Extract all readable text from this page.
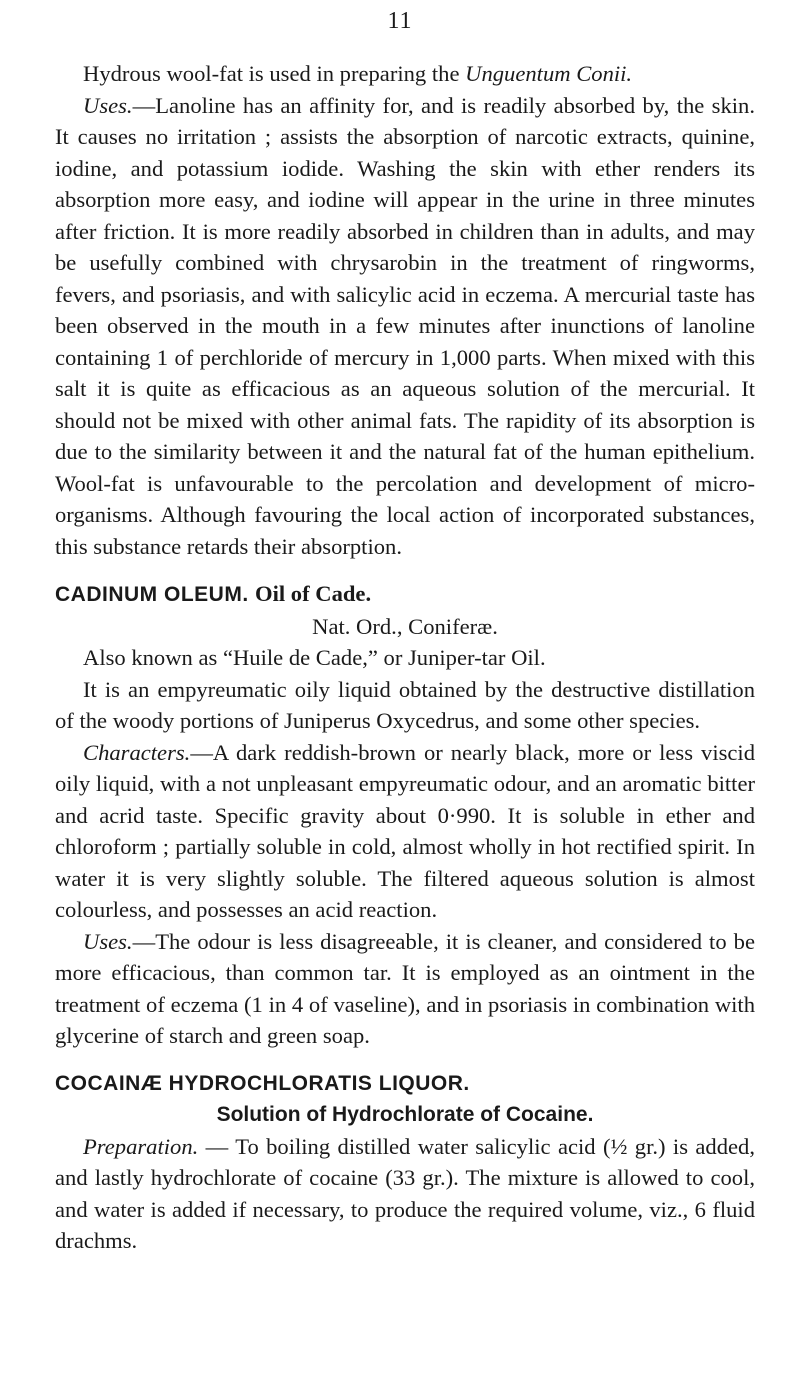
11

Hydrous wool-fat is used in preparing the Unguentum Conii.

Uses.—Lanoline has an affinity for, and is readily absorbed by, the skin. It causes no irritation ; assists the absorption of narcotic extracts, quinine, iodine, and potassium iodide. Washing the skin with ether renders its absorption more easy, and iodine will appear in the urine in three minutes after friction. It is more readily absorbed in children than in adults, and may be usefully combined with chrysarobin in the treatment of ringworms, fevers, and psoriasis, and with salicylic acid in eczema. A mercurial taste has been observed in the mouth in a few minutes after inunctions of lanoline containing 1 of perchloride of mercury in 1,000 parts. When mixed with this salt it is quite as efficacious as an aqueous solution of the mercurial. It should not be mixed with other animal fats. The rapidity of its absorption is due to the similarity between it and the natural fat of the human epithelium. Wool-fat is unfavourable to the percolation and development of micro-organisms. Although favouring the local action of incorporated substances, this substance retards their absorption.

CADINUM OLEUM. Oil of Cade.

Nat. Ord., Coniferæ.

Also known as “Huile de Cade,” or Juniper-tar Oil.

It is an empyreumatic oily liquid obtained by the destructive distillation of the woody portions of Juniperus Oxycedrus, and some other species.

Characters.—A dark reddish-brown or nearly black, more or less viscid oily liquid, with a not unpleasant empyreumatic odour, and an aromatic bitter and acrid taste. Specific gravity about 0·990. It is soluble in ether and chloroform ; partially soluble in cold, almost wholly in hot rectified spirit. In water it is very slightly soluble. The filtered aqueous solution is almost colourless, and possesses an acid reaction.

Uses.—The odour is less disagreeable, it is cleaner, and considered to be more efficacious, than common tar. It is employed as an ointment in the treatment of eczema (1 in 4 of vaseline), and in psoriasis in combination with glycerine of starch and green soap.

COCAINÆ HYDROCHLORATIS LIQUOR.
Solution of Hydrochlorate of Cocaine.

Preparation. — To boiling distilled water salicylic acid (½ gr.) is added, and lastly hydrochlorate of cocaine (33 gr.). The mixture is allowed to cool, and water is added if necessary, to produce the required volume, viz., 6 fluid drachms.
